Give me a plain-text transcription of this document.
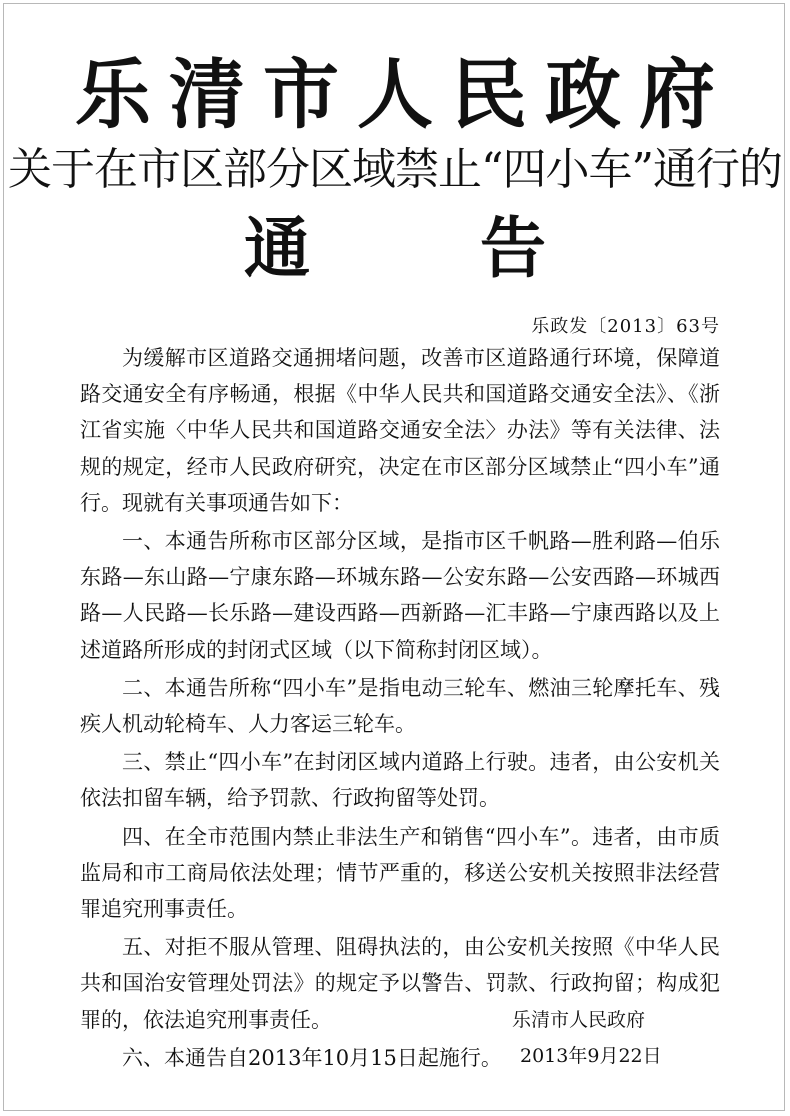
乐清市人民政府
关于在市区部分区域禁止“四小车”通行的
通告
乐政发〔2013〕63号

为缓解市区道路交通拥堵问题，改善市区道路通行环境，保障道路交通安全有序畅通，根据《中华人民共和国道路交通安全法》、《浙江省实施〈中华人民共和国道路交通安全法〉办法》等有关法律、法规的规定，经市人民政府研究，决定在市区部分区域禁止“四小车”通行。现就有关事项通告如下：

一、本通告所称市区部分区域，是指市区千帆路—胜利路—伯乐东路—东山路—宁康东路—环城东路—公安东路—公安西路—环城西路—人民路—长乐路—建设西路—西新路—汇丰路—宁康西路以及上述道路所形成的封闭式区域（以下简称封闭区域）。

二、本通告所称“四小车”是指电动三轮车、燃油三轮摩托车、残疾人机动轮椅车、人力客运三轮车。

三、禁止“四小车”在封闭区域内道路上行驶。违者，由公安机关依法扣留车辆，给予罚款、行政拘留等处罚。

四、在全市范围内禁止非法生产和销售“四小车”。违者，由市质监局和市工商局依法处理；情节严重的，移送公安机关按照非法经营罪追究刑事责任。

五、对拒不服从管理、阻碍执法的，由公安机关按照《中华人民共和国治安管理处罚法》的规定予以警告、罚款、行政拘留；构成犯罪的，依法追究刑事责任。

六、本通告自2013年10月15日起施行。

乐清市人民政府
2013年9月22日
